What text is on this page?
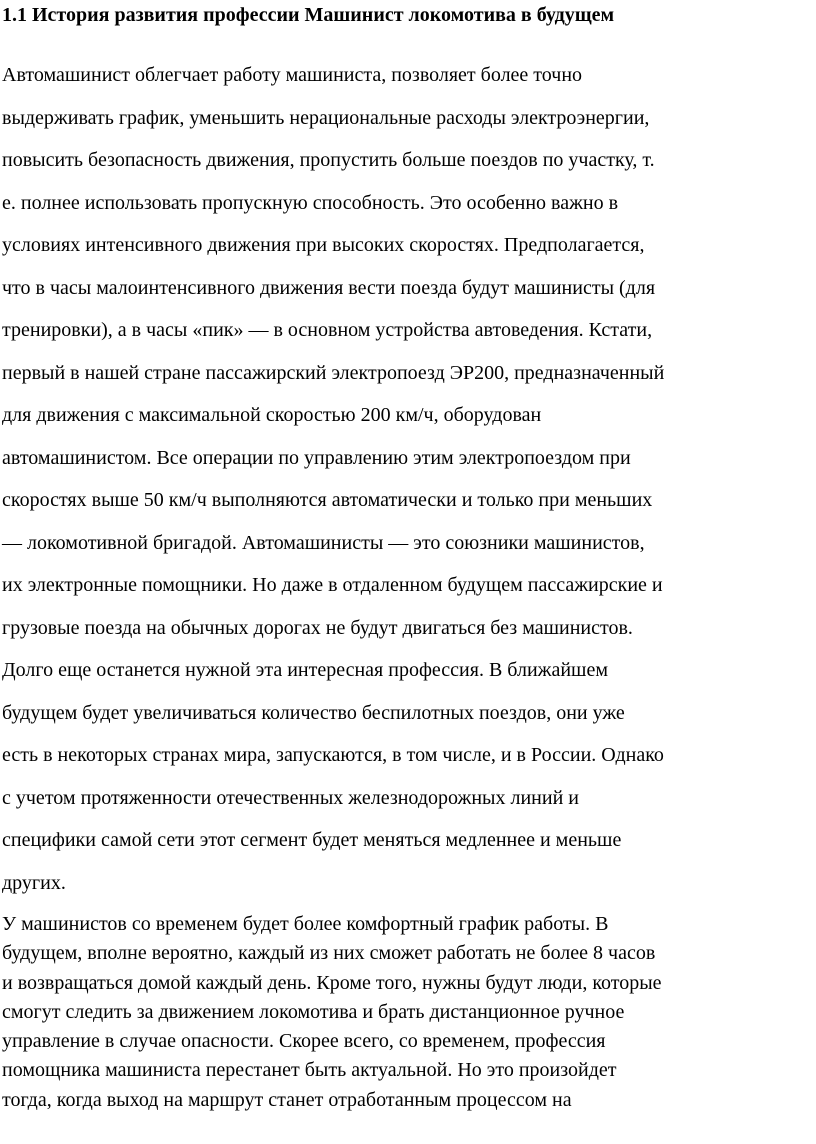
1.1 История развития профессии Машинист локомотива в будущем
Автомашинист облегчает работу машиниста, позволяет более точно
выдерживать график, уменьшить нерациональные расходы электроэнергии,
повысить безопасность движения, пропустить больше поездов по участку, т.
е. полнее использовать пропускную способность. Это особенно важно в
условиях интенсивного движения при высоких скоростях. Предполагается,
что в часы малоинтенсивного движения вести поезда будут машинисты (для
тренировки), а в часы «пик» — в основном устройства автоведения. Кстати,
первый в нашей стране пассажирский электропоезд ЭР200, предназначенный
для движения с максимальной скоростью 200 км/ч, оборудован
автомашинистом. Все операции по управлению этим электропоездом при
скоростях выше 50 км/ч выполняются автоматически и только при меньших
— локомотивной бригадой. Автомашинисты — это союзники машинистов,
их электронные помощники. Но даже в отдаленном будущем пассажирские и
грузовые поезда на обычных дорогах не будут двигаться без машинистов.
Долго еще останется нужной эта интересная профессия. В ближайшем
будущем будет увеличиваться количество беспилотных поездов, они уже
есть в некоторых странах мира, запускаются, в том числе, и в России. Однако
с учетом протяженности отечественных железнодорожных линий и
специфики самой сети этот сегмент будет меняться медленнее и меньше
других.
У машинистов со временем будет более комфортный график работы. В
будущем, вполне вероятно, каждый из них сможет работать не более 8 часов
и возвращаться домой каждый день. Кроме того, нужны будут люди, которые
смогут следить за движением локомотива и брать дистанционное ручное
управление в случае опасности. Скорее всего, со временем, профессия
помощника машиниста перестанет быть актуальной. Но это произойдет
тогда, когда выход на маршрут станет отработанным процессом на
